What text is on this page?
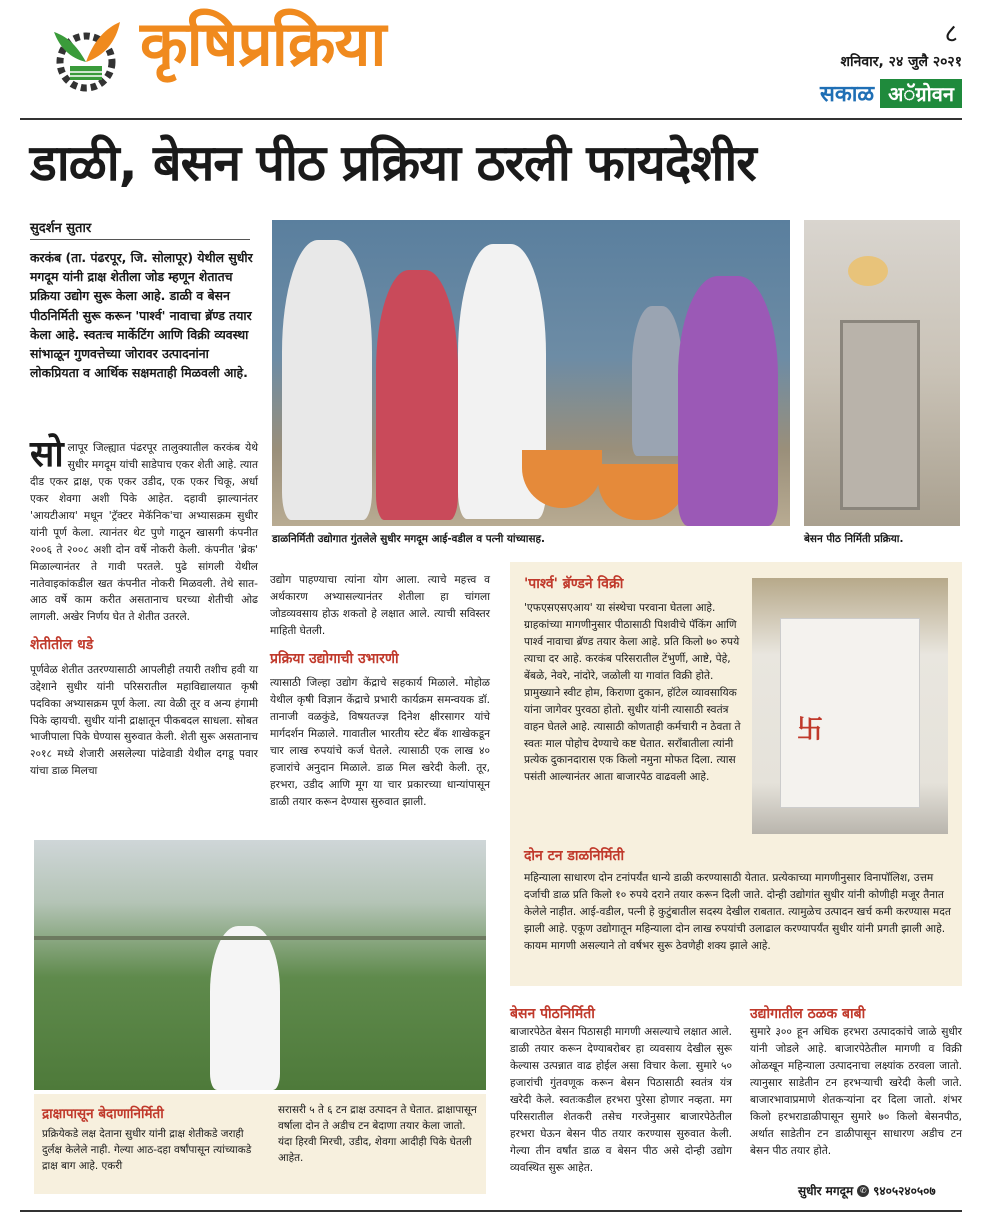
कृषिप्रक्रिया	८
शनिवार, २४ जुलै २०२१
सकाळ अॅग्रोवन
डाळी, बेसन पीठ प्रक्रिया ठरली फायदेशीर
सुदर्शन सुतार
करकंब (ता. पंढरपूर, जि. सोलापूर) येथील सुधीर मगदूम यांनी द्राक्ष शेतीला जोड म्हणून शेतातच प्रक्रिया उद्योग सुरू केला आहे. डाळी व बेसन पीठनिर्मिती सुरू करून 'पार्श्व' नावाचा ब्रॅण्ड तयार केला आहे. स्वतःच मार्केटिंग आणि विक्री व्यवस्था सांभाळून गुणवत्तेच्या जोरावर उत्पादनांना लोकप्रियता व आर्थिक सक्षमताही मिळवली आहे.
सो लापूर जिल्ह्यात पंढरपूर तालुक्यातील करकंब येथे सुधीर मगदूम यांची साडेपाच एकर शेती आहे. त्यात दीड एकर द्राक्ष, एक एकर उडीद, एक एकर चिकू, अर्धा एकर शेवगा अशी पिके आहेत. दहावी झाल्यानंतर 'आयटीआय' मधून 'ट्रॅक्टर मेकॅनिक'चा अभ्यासक्रम सुधीर यांनी पूर्ण केला. त्यानंतर थेट पुणे गाठून खासगी कंपनीत २००६ ते २००८ अशी दोन वर्षे नोकरी केली. कंपनीत 'ब्रेक' मिळाल्यानंतर ते गावी परतले. पुढे सांगली येथील नातेवाइकांकडील खत कंपनीत नोकरी मिळवली. तेथे सात-आठ वर्षे काम करीत असतानाच घरच्या शेतीची ओढ लागली. अखेर निर्णय घेत ते शेतीत उतरले.
शेतीतील धडे
पूर्णवेळ शेतीत उतरण्यासाठी आपलीही तयारी तशीच हवी या उद्देशाने सुधीर यांनी परिसरातील महाविद्यालयात कृषी पदविका अभ्यासक्रम पूर्ण केला. त्या वेळी तूर व अन्य हंगामी पिके व्हायची. सुधीर यांनी द्राक्षातून पीकबदल साधला. सोबत भाजीपाला पिके घेण्यास सुरुवात केली. शेती सुरू असतानाच २०१८ मध्ये शेजारी असलेल्या पांढेवाडी येथील दगडू पवार यांचा डाळ मिलचा
डाळनिर्मिती उद्योगात गुंतलेले सुधीर मगदूम आई-वडील व पत्नी यांच्यासह.	बेसन पीठ निर्मिती प्रक्रिया.
उद्योग पाहण्याचा त्यांना योग आला. त्याचे महत्त्व व अर्थकारण अभ्यासल्यानंतर शेतीला हा चांगला जोडव्यवसाय होऊ शकतो हे लक्षात आले. त्याची सविस्तर माहिती घेतली.
प्रक्रिया उद्योगाची उभारणी
त्यासाठी जिल्हा उद्योग केंद्राचे सहकार्य मिळाले. मोहोळ येथील कृषी विज्ञान केंद्राचे प्रभारी कार्यक्रम समन्वयक डॉ. तानाजी वळकुंडे, विषयतज्ज्ञ दिनेश क्षीरसागर यांचे मार्गदर्शन मिळाले. गावातील भारतीय स्टेट बँक शाखेकडून चार लाख रुपयांचे कर्ज घेतले. त्यासाठी एक लाख ४० हजारांचे अनुदान मिळाले. डाळ मिल खरेदी केली. तूर, हरभरा, उडीद आणि मूग या चार प्रकारच्या धान्यांपासून डाळी तयार करून देण्यास सुरुवात झाली.
'पार्श्व' ब्रॅण्डने विक्री
'एफएसएसएआय' या संस्थेचा परवाना घेतला आहे. ग्राहकांच्या मागणीनुसार पीठासाठी पिशवीचे पॅकिंग आणि पार्श्व नावाचा ब्रॅण्ड तयार केला आहे. प्रति किलो ७० रुपये त्याचा दर आहे. करकंब परिसरातील टेंभुर्णी, आष्टे, पेहे, बेंबळे, नेवरे, नांदोरे, जळोली या गावांत विक्री होते. प्रामुख्याने स्वीट होम, किराणा दुकान, हॉटेल व्यावसायिक यांना जागेवर पुरवठा होतो. सुधीर यांनी त्यासाठी स्वतंत्र वाहन घेतले आहे. त्यासाठी कोणताही कर्मचारी न ठेवता ते स्वतः माल पोहोच देण्याचे कष्ट घेतात. सराँबातीला त्यांनी प्रत्येक दुकानदारास एक किलो नमुना मोफत दिला. त्यास पसंती आल्यानंतर आता बाजारपेठ वाढवली आहे.
卐
दोन टन डाळनिर्मिती
महिन्याला साधारण दोन टनांपर्यंत धान्ये डाळी करण्यासाठी येतात. प्रत्येकाच्या मागणीनुसार विनापॉलिश, उत्तम दर्जाची डाळ प्रति किलो १० रुपये दराने तयार करून दिली जाते. दोन्ही उद्योगांत सुधीर यांनी कोणीही मजूर तैनात केलेले नाहीत. आई-वडील, पत्नी हे कुटुंबातील सदस्य देखील राबतात. त्यामुळेच उत्पादन खर्च कमी करण्यास मदत झाली आहे. एकूण उद्योगातून महिन्याला दोन लाख रुपयांची उलाढाल करण्यापर्यंत सुधीर यांनी प्रगती झाली आहे. कायम मागणी असल्याने तो वर्षभर सुरू ठेवणेही शक्य झाले आहे.
द्राक्षापासून बेदाणानिर्मिती
प्रक्रियेकडे लक्ष देताना सुधीर यांनी द्राक्ष शेतीकडे जराही दुर्लक्ष केलेले नाही. गेल्या आठ-दहा वर्षांपासून त्यांच्याकडे द्राक्ष बाग आहे. एकरी
सरासरी ५ ते ६ टन द्राक्ष उत्पादन ते घेतात. द्राक्षापासून वर्षाला दोन ते अडीच टन बेदाणा तयार केला जातो. यंदा हिरवी मिरची, उडीद, शेवगा आदीही पिके घेतली आहेत.
बेसन पीठनिर्मिती
बाजारपेठेत बेसन पिठासही मागणी असल्याचे लक्षात आले. डाळी तयार करून देण्याबरोबर हा व्यवसाय देखील सुरू केल्यास उत्पन्नात वाढ होईल असा विचार केला. सुमारे ५० हजारांची गुंतवणूक करून बेसन पिठासाठी स्वतंत्र यंत्र खरेदी केले. स्वतःकडील हरभरा पुरेसा होणार नव्हता. मग परिसरातील शेतकरी तसेच गरजेनुसार बाजारपेठेतील हरभरा घेऊन बेसन पीठ तयार करण्यास सुरुवात केली. गेल्या तीन वर्षांत डाळ व बेसन पीठ असे दोन्ही उद्योग व्यवस्थित सुरू आहेत.
उद्योगातील ठळक बाबी
सुमारे ३०० हून अधिक हरभरा उत्पादकांचे जाळे सुधीर यांनी जोडले आहे. बाजारपेठेतील मागणी व विक्री ओळखून महिन्याला उत्पादनाचा लक्ष्यांक ठरवला जातो. त्यानुसार साडेतीन टन हरभऱ्याची खरेदी केली जाते. बाजारभावाप्रमाणे शेतकऱ्यांना दर दिला जातो. शंभर किलो हरभराडाळीपासून सुमारे ७० किलो बेसनपीठ, अर्थात साडेतीन टन डाळीपासून साधारण अडीच टन बेसन पीठ तयार होते.
सुधीर मगदूम ✆ ९४०५२४०५०७
